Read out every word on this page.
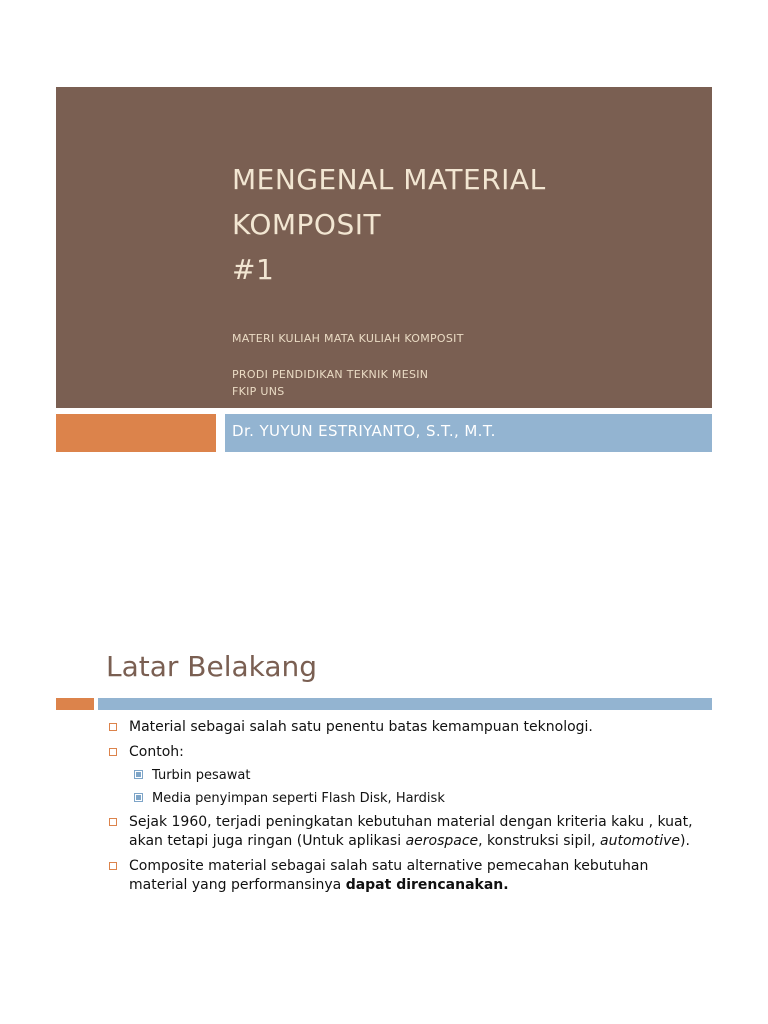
MENGENAL MATERIAL
KOMPOSIT
#1
MATERI KULIAH MATA KULIAH KOMPOSIT
PRODI PENDIDIKAN TEKNIK MESIN
FKIP UNS
Dr. YUYUN ESTRIYANTO, S.T., M.T.
Latar Belakang
Material sebagai salah satu penentu batas kemampuan teknologi.
Contoh:
Turbin pesawat
Media penyimpan seperti Flash Disk, Hardisk
Sejak 1960, terjadi peningkatan kebutuhan material dengan kriteria kaku , kuat, akan tetapi juga ringan (Untuk aplikasi aerospace, konstruksi sipil, automotive).
Composite material sebagai salah satu alternative pemecahan kebutuhan material yang performansinya dapat direncanakan.
